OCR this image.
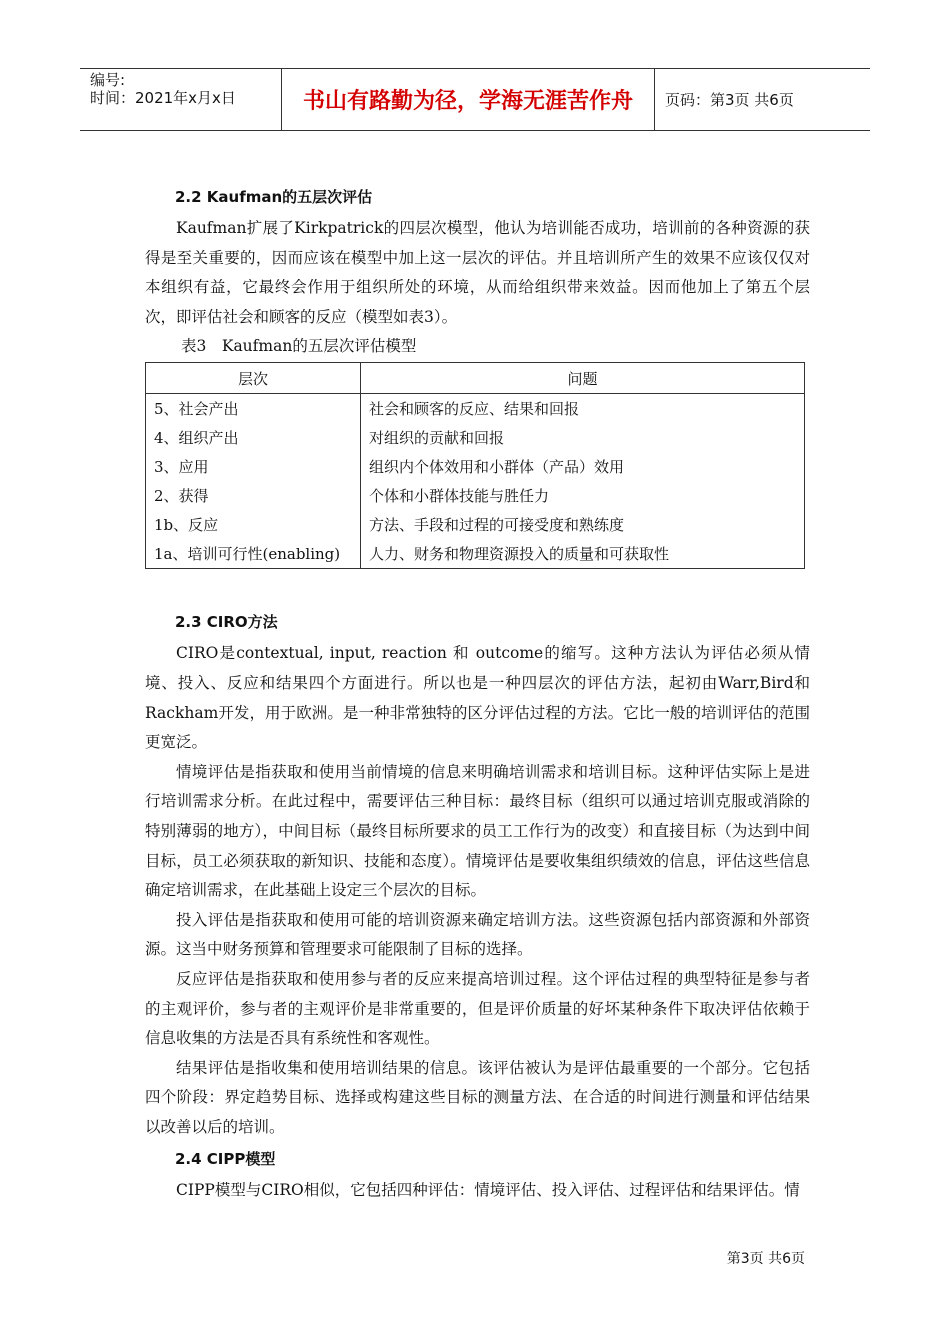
编号:
时间：2021年x月x日	书山有路勤为径，学海无涯苦作舟	页码：第3页 共6页
2.2 Kaufman的五层次评估

Kaufman扩展了Kirkpatrick的四层次模型，他认为培训能否成功，培训前的各种资源的获得是至关重要的，因而应该在模型中加上这一层次的评估。并且培训所产生的效果不应该仅仅对本组织有益，它最终会作用于组织所处的环境，从而给组织带来效益。因而他加上了第五个层次，即评估社会和顾客的反应（模型如表3）。

表3　Kaufman的五层次评估模型
层次	问题
5、社会产出	社会和顾客的反应、结果和回报
4、组织产出	对组织的贡献和回报
3、应用	组织内个体效用和小群体（产品）效用
2、获得	个体和小群体技能与胜任力
1b、反应	方法、手段和过程的可接受度和熟练度
1a、培训可行性(enabling)	人力、财务和物理资源投入的质量和可获取性
2.3 CIRO方法

CIRO是contextual, input, reaction 和 outcome的缩写。这种方法认为评估必须从情境、投入、反应和结果四个方面进行。所以也是一种四层次的评估方法，起初由Warr,Bird和Rackham开发，用于欧洲。是一种非常独特的区分评估过程的方法。它比一般的培训评估的范围更宽泛。

情境评估是指获取和使用当前情境的信息来明确培训需求和培训目标。这种评估实际上是进行培训需求分析。在此过程中，需要评估三种目标：最终目标（组织可以通过培训克服或消除的特别薄弱的地方），中间目标（最终目标所要求的员工工作行为的改变）和直接目标（为达到中间目标，员工必须获取的新知识、技能和态度）。情境评估是要收集组织绩效的信息，评估这些信息确定培训需求，在此基础上设定三个层次的目标。

投入评估是指获取和使用可能的培训资源来确定培训方法。这些资源包括内部资源和外部资源。这当中财务预算和管理要求可能限制了目标的选择。

反应评估是指获取和使用参与者的反应来提高培训过程。这个评估过程的典型特征是参与者的主观评价，参与者的主观评价是非常重要的，但是评价质量的好坏某种条件下取决评估依赖于信息收集的方法是否具有系统性和客观性。

结果评估是指收集和使用培训结果的信息。该评估被认为是评估最重要的一个部分。它包括四个阶段：界定趋势目标、选择或构建这些目标的测量方法、在合适的时间进行测量和评估结果以改善以后的培训。

2.4 CIPP模型

CIPP模型与CIRO相似，它包括四种评估：情境评估、投入评估、过程评估和结果评估。情

第3页 共6页
